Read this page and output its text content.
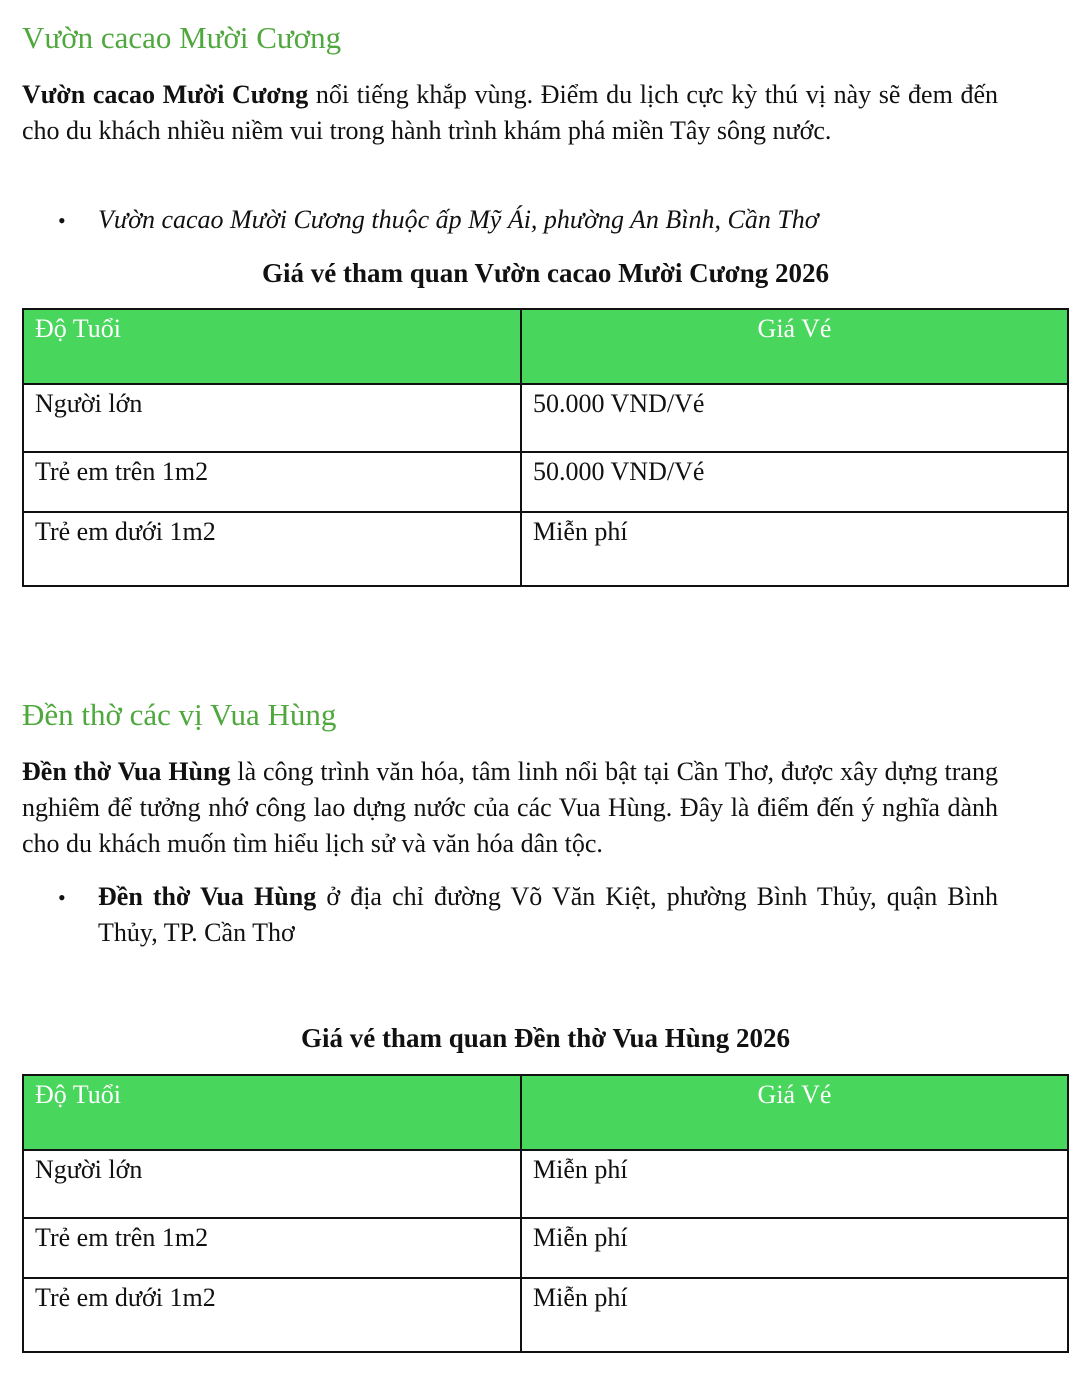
Vườn cacao Mười Cương

Vườn cacao Mười Cương nổi tiếng khắp vùng. Điểm du lịch cực kỳ thú vị này sẽ đem đến cho du khách nhiều niềm vui trong hành trình khám phá miền Tây sông nước.

• Vườn cacao Mười Cương thuộc ấp Mỹ Ái, phường An Bình, Cần Thơ

Giá vé tham quan Vườn cacao Mười Cương 2026

Độ Tuổi	Giá Vé
Người lớn	50.000 VND/Vé
Trẻ em trên 1m2	50.000 VND/Vé
Trẻ em dưới 1m2	Miễn phí
Đền thờ các vị Vua Hùng

Đền thờ Vua Hùng là công trình văn hóa, tâm linh nổi bật tại Cần Thơ, được xây dựng trang nghiêm để tưởng nhớ công lao dựng nước của các Vua Hùng. Đây là điểm đến ý nghĩa dành cho du khách muốn tìm hiểu lịch sử và văn hóa dân tộc.

• Đền thờ Vua Hùng ở địa chỉ đường Võ Văn Kiệt, phường Bình Thủy, quận Bình Thủy, TP. Cần Thơ

Giá vé tham quan Đền thờ Vua Hùng 2026

Độ Tuổi	Giá Vé
Người lớn	Miễn phí
Trẻ em trên 1m2	Miễn phí
Trẻ em dưới 1m2	Miễn phí
